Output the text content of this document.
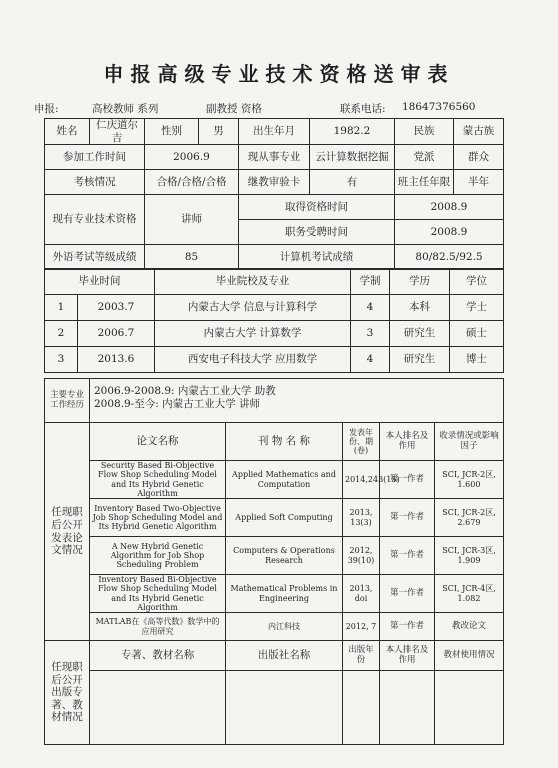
申报高级专业技术资格送审表
申报:	高校教师 系列	副教授 资格	联系电话: 18647376560
姓名	仁庆道尔吉	性别	男	出生年月	1982.2	民族	蒙古族
参加工作时间		2006.9		现从事专业	云计算数据挖掘	党派	群众
考核情况		合格/合格/合格		继教审验卡	有	班主任年限	半年
现有专业技术资格		讲师		取得资格时间		2008.9	
				职务受聘时间		2008.9	
外语考试等级成绩		85		计算机考试成绩		80/82.5/92.5	
毕业时间		毕业院校及专业	学制	学历	学位
1	2003.7	内蒙古大学 信息与计算科学	4	本科	学士
2	2006.7	内蒙古大学 计算数学	3	研究生	硕士
3	2013.6	西安电子科技大学 应用数学	4	研究生	博士
主要专业工作经历	2006.9-2008.9: 内蒙古工业大学 助教
2008.9-至今: 内蒙古工业大学 讲师				

任现职后公开发表论文情况	论文名称	刊 物 名 称	发表年份、期(卷)	本人排名及作用	收录情况或影响因子
	Security Based Bi-Objective Flow Shop Scheduling Model and Its Hybrid Genetic Algorithm	Applied Mathematics and Computation	2014,243(15)	第一作者	SCI, JCR-2区, 1.600
	Inventory Based Two-Objective Job Shop Scheduling Model and Its Hybrid Genetic Algorithm	Applied Soft Computing	2013, 13(3)	第一作者	SCI, JCR-2区, 2.679
	A New Hybrid Genetic Algorithm for Job Shop Scheduling Problem	Computers & Operations Research	2012, 39(10)	第一作者	SCI, JCR-3区, 1.909
	Inventory Based Bi-Objective Flow Shop Scheduling Model and Its Hybrid Genetic Algorithm	Mathematical Problems in Engineering	2013, doi	第一作者	SCI, JCR-4区, 1.082
	MATLAB在《高等代数》数学中的应用研究	内江科技	2012, 7	第一作者	教改论文
任现职后公开出版专著、教材情况	专著、教材名称	出版社名称	出版年份	本人排名及作用	教材使用情况
